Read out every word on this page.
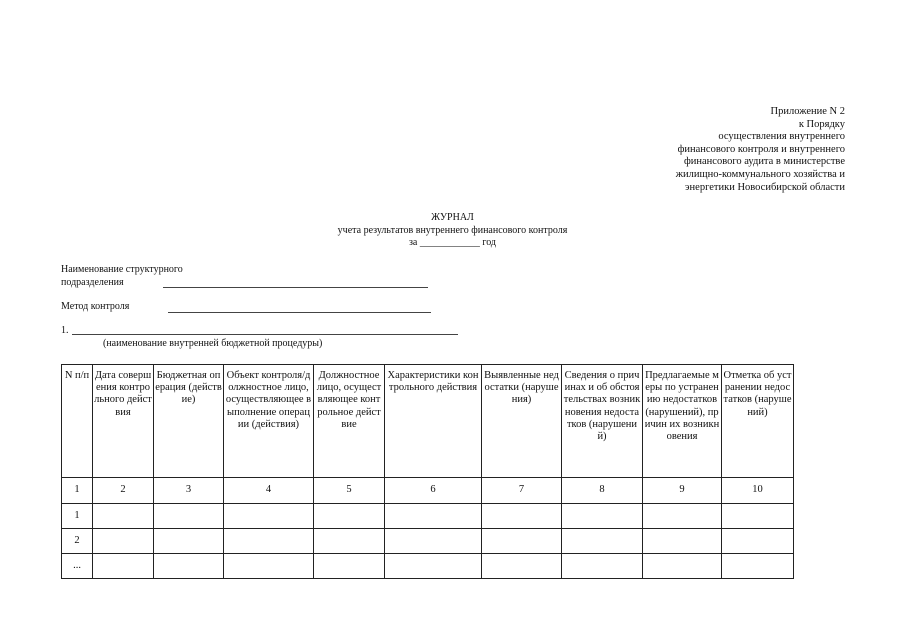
Приложение N 2
к Порядку
осуществления внутреннего
финансового контроля и внутреннего
финансового аудита в министерстве
жилищно-коммунального хозяйства и
энергетики Новосибирской области
ЖУРНАЛ
учета результатов внутреннего финансового контроля
за ____________ год
Наименование структурного
подразделения
Метод контроля
1.
(наименование внутренней бюджетной процедуры)
N п/п	Дата совершения контрольного действия	Бюджетная операция (действие)	Объект контроля/должностное лицо, осуществляющее выполнение операции (действия)	Должностное лицо, осуществляющее контрольное действие	Характеристики контрольного действия	Выявленные недостатки (нарушения)	Сведения о причинах и об обстоятельствах возникновения недостатков (нарушений)	Предлагаемые меры по устранению недостатков (нарушений), причин их возникновения	Отметка об устранении недостатков (нарушений)
1	2	3	4	5	6	7	8	9	10
1									
2									
...									
